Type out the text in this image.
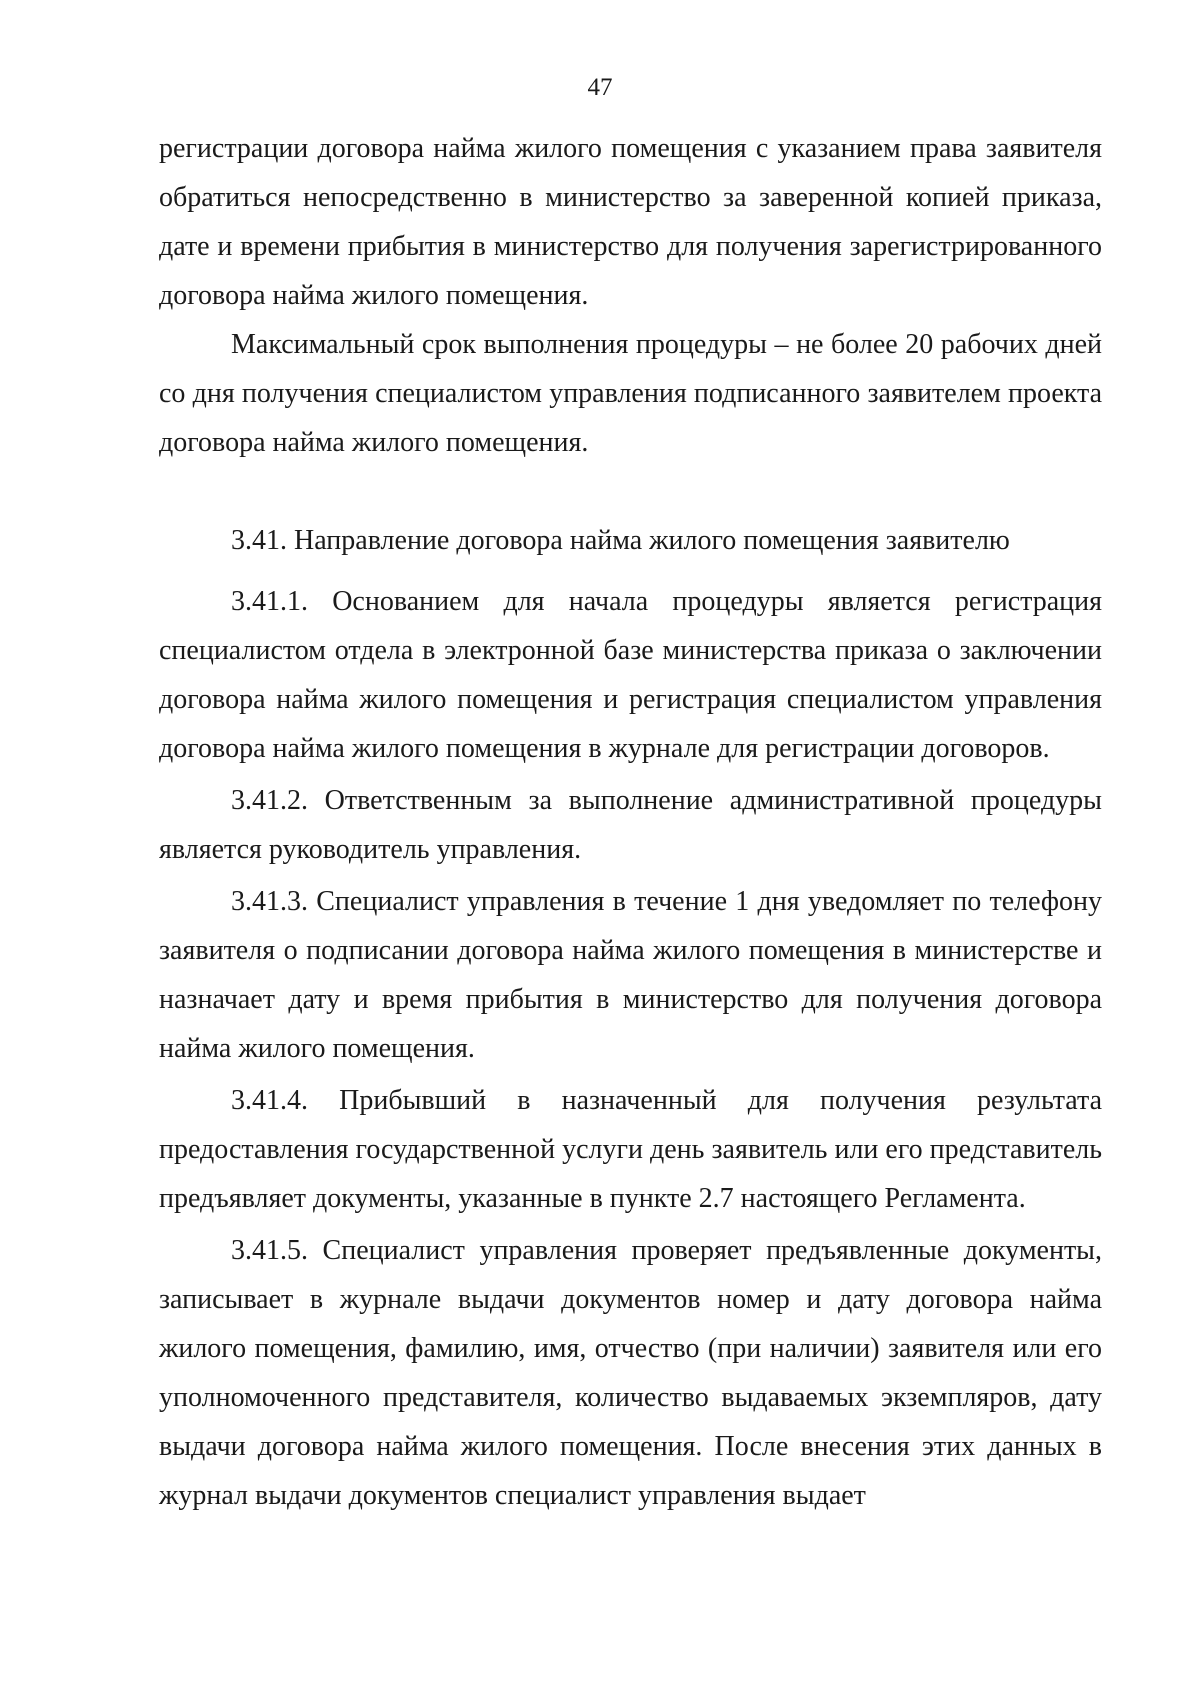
47

регистрации договора найма жилого помещения с указанием права заявителя обратиться непосредственно в министерство за заверенной копией приказа, дате и времени прибытия в министерство для получения зарегистрированного договора найма жилого помещения.

Максимальный срок выполнения процедуры – не более 20 рабочих дней со дня получения специалистом управления подписанного заявителем проекта договора найма жилого помещения.

3.41. Направление договора найма жилого помещения заявителю

3.41.1. Основанием для начала процедуры является регистрация специалистом отдела в электронной базе министерства приказа о заключении договора найма жилого помещения и регистрация специалистом управления договора найма жилого помещения в журнале для регистрации договоров.

3.41.2. Ответственным за выполнение административной процедуры является руководитель управления.

3.41.3. Специалист управления в течение 1 дня уведомляет по телефону заявителя о подписании договора найма жилого помещения в министерстве и назначает дату и время прибытия в министерство для получения договора найма жилого помещения.

3.41.4. Прибывший в назначенный для получения результата предоставления государственной услуги день заявитель или его представитель предъявляет документы, указанные в пункте 2.7 настоящего Регламента.

3.41.5. Специалист управления проверяет предъявленные документы, записывает в журнале выдачи документов номер и дату договора найма жилого помещения, фамилию, имя, отчество (при наличии) заявителя или его уполномоченного представителя, количество выдаваемых экземпляров, дату выдачи договора найма жилого помещения. После внесения этих данных в журнал выдачи документов специалист управления выдает
